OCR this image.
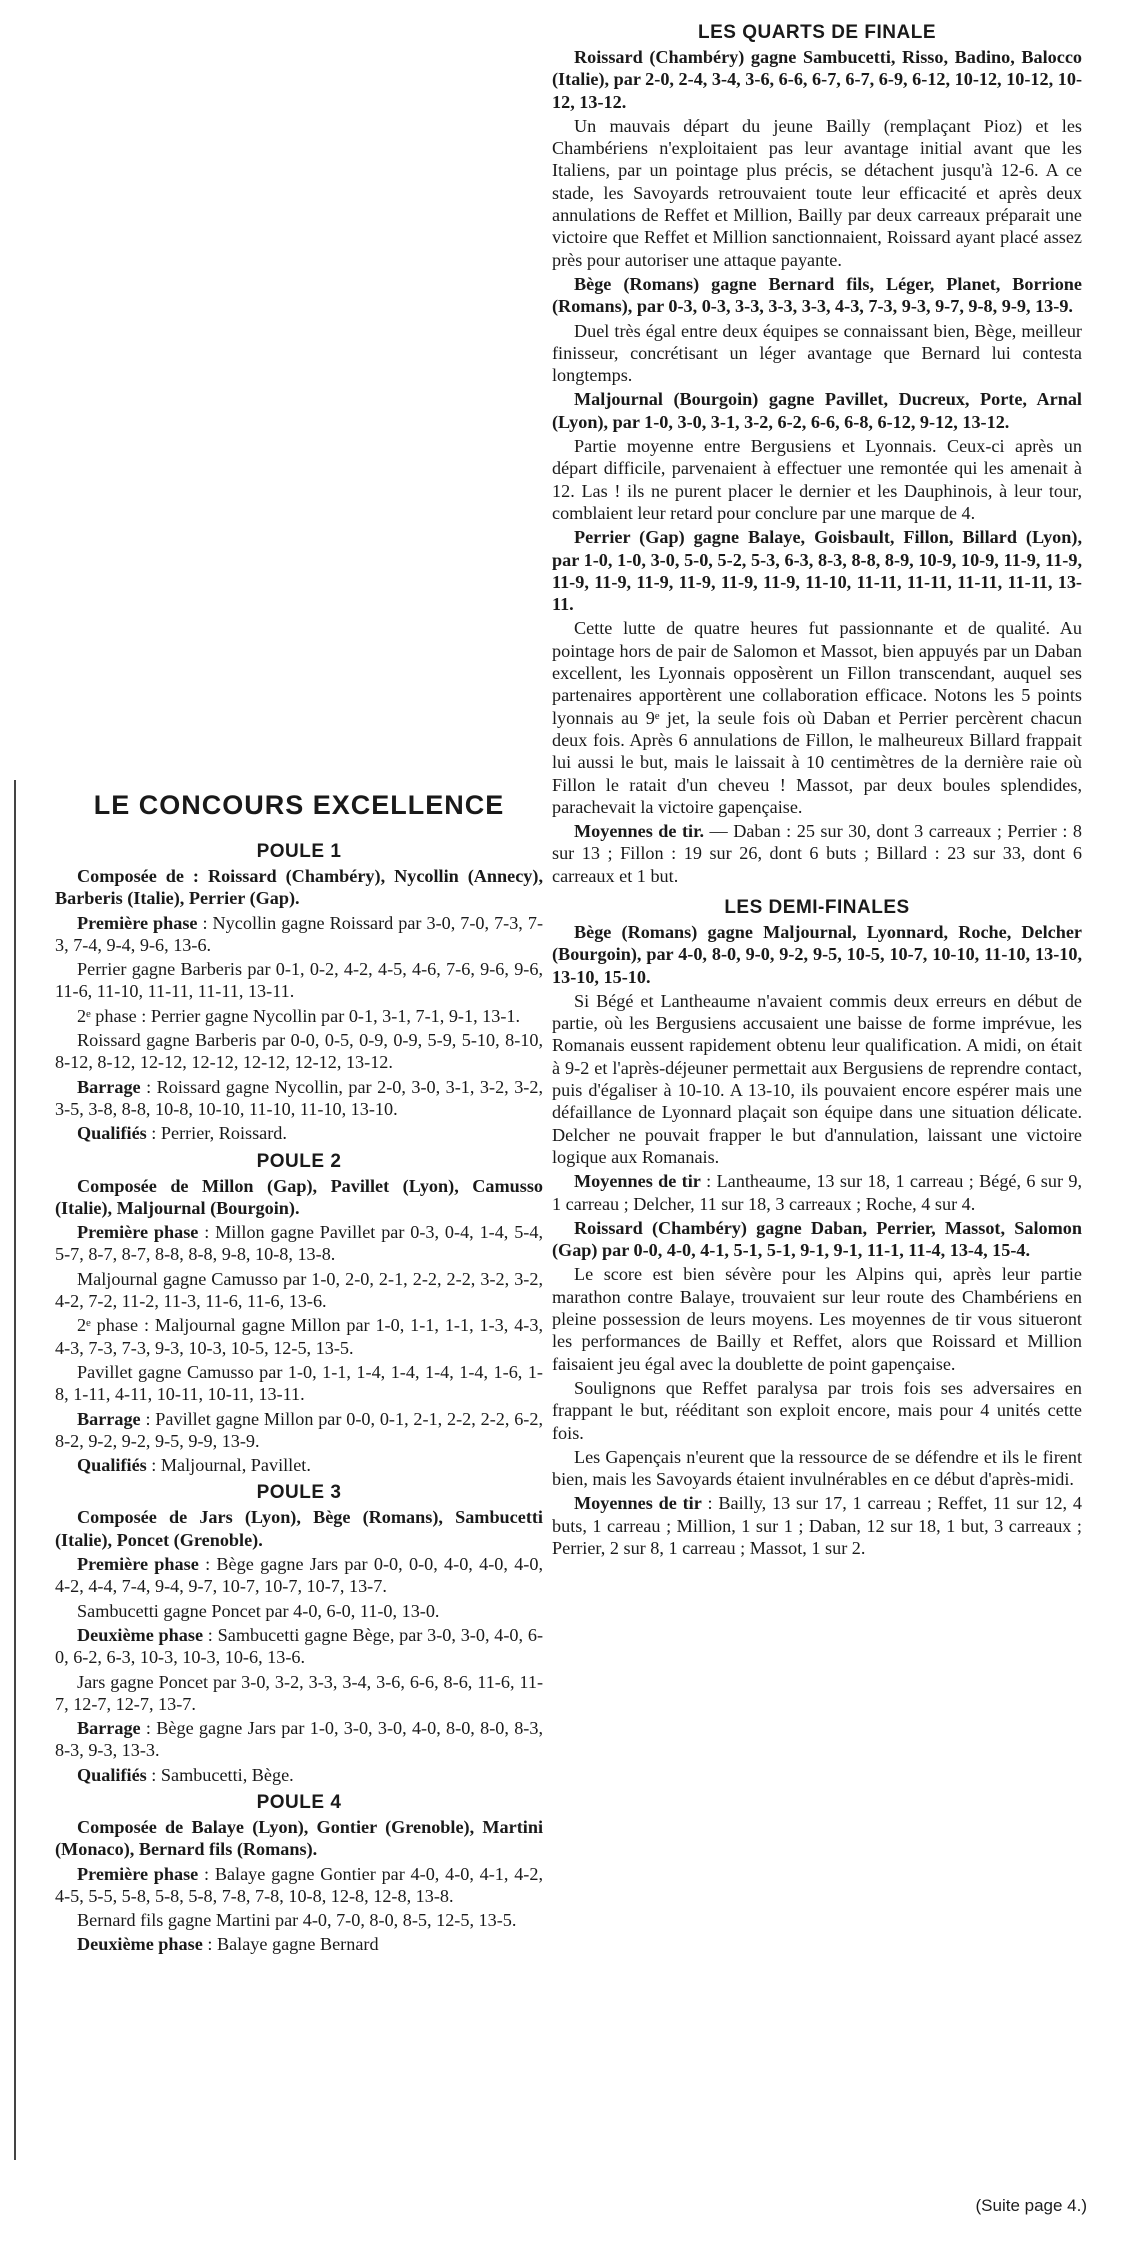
LES QUARTS DE FINALE

Roissard (Chambéry) gagne Sambucetti, Risso, Badino, Balocco (Italie), par 2-0, 2-4, 3-4, 3-6, 6-6, 6-7, 6-7, 6-9, 6-12, 10-12, 10-12, 10-12, 13-12.

Un mauvais départ du jeune Bailly (remplaçant Pioz) et les Chambériens n'exploitaient pas leur avantage initial avant que les Italiens, par un pointage plus précis, se détachent jusqu'à 12-6. A ce stade, les Savoyards retrouvaient toute leur efficacité et après deux annulations de Reffet et Million, Bailly par deux carreaux préparait une victoire que Reffet et Million sanctionnaient, Roissard ayant placé assez près pour autoriser une attaque payante.

Bège (Romans) gagne Bernard fils, Léger, Planet, Borrione (Romans), par 0-3, 0-3, 3-3, 3-3, 3-3, 4-3, 7-3, 9-3, 9-7, 9-8, 9-9, 13-9.

Duel très égal entre deux équipes se connaissant bien, Bège, meilleur finisseur, concrétisant un léger avantage que Bernard lui contesta longtemps.

Maljournal (Bourgoin) gagne Pavillet, Ducreux, Porte, Arnal (Lyon), par 1-0, 3-0, 3-1, 3-2, 6-2, 6-6, 6-8, 6-12, 9-12, 13-12.

Partie moyenne entre Bergusiens et Lyonnais. Ceux-ci après un départ difficile, parvenaient à effectuer une remontée qui les amenait à 12. Las ! ils ne purent placer le dernier et les Dauphinois, à leur tour, comblaient leur retard pour conclure par une marque de 4.

Perrier (Gap) gagne Balaye, Goisbault, Fillon, Billard (Lyon), par 1-0, 1-0, 3-0, 5-0, 5-2, 5-3, 6-3, 8-3, 8-8, 8-9, 10-9, 10-9, 11-9, 11-9, 11-9, 11-9, 11-9, 11-9, 11-9, 11-9, 11-10, 11-11, 11-11, 11-11, 11-11, 13-11.

Cette lutte de quatre heures fut passionnante et de qualité. Au pointage hors de pair de Salomon et Massot, bien appuyés par un Daban excellent, les Lyonnais opposèrent un Fillon transcendant, auquel ses partenaires apportèrent une collaboration efficace. Notons les 5 points lyonnais au 9ᵉ jet, la seule fois où Daban et Perrier percèrent chacun deux fois. Après 6 annulations de Fillon, le malheureux Billard frappait lui aussi le but, mais le laissait à 10 centimètres de la dernière raie où Fillon le ratait d'un cheveu ! Massot, par deux boules splendides, parachevait la victoire gapençaise.

Moyennes de tir. — Daban : 25 sur 30, dont 3 carreaux ; Perrier : 8 sur 13 ; Fillon : 19 sur 26, dont 6 buts ; Billard : 23 sur 33, dont 6 carreaux et 1 but.

LES DEMI-FINALES

Bège (Romans) gagne Maljournal, Lyonnard, Roche, Delcher (Bourgoin), par 4-0, 8-0, 9-0, 9-2, 9-5, 10-5, 10-7, 10-10, 11-10, 13-10, 13-10, 15-10.

Si Bégé et Lantheaume n'avaient commis deux erreurs en début de partie, où les Bergusiens accusaient une baisse de forme imprévue, les Romanais eussent rapidement obtenu leur qualification. A midi, on était à 9-2 et l'après-déjeuner permettait aux Bergusiens de reprendre contact, puis d'égaliser à 10-10. A 13-10, ils pouvaient encore espérer mais une défaillance de Lyonnard plaçait son équipe dans une situation délicate. Delcher ne pouvait frapper le but d'annulation, laissant une victoire logique aux Romanais.

Moyennes de tir : Lantheaume, 13 sur 18, 1 carreau ; Bégé, 6 sur 9, 1 carreau ; Delcher, 11 sur 18, 3 carreaux ; Roche, 4 sur 4.

Roissard (Chambéry) gagne Daban, Perrier, Massot, Salomon (Gap) par 0-0, 4-0, 4-1, 5-1, 5-1, 9-1, 9-1, 11-1, 11-4, 13-4, 15-4.

Le score est bien sévère pour les Alpins qui, après leur partie marathon contre Balaye, trouvaient sur leur route des Chambériens en pleine possession de leurs moyens. Les moyennes de tir vous situeront les performances de Bailly et Reffet, alors que Roissard et Million faisaient jeu égal avec la doublette de point gapençaise.

Soulignons que Reffet paralysa par trois fois ses adversaires en frappant le but, rééditant son exploit encore, mais pour 4 unités cette fois.

Les Gapençais n'eurent que la ressource de se défendre et ils le firent bien, mais les Savoyards étaient invulnérables en ce début d'après-midi.

Moyennes de tir : Bailly, 13 sur 17, 1 carreau ; Reffet, 11 sur 12, 4 buts, 1 carreau ; Million, 1 sur 1 ; Daban, 12 sur 18, 1 but, 3 carreaux ; Perrier, 2 sur 8, 1 carreau ; Massot, 1 sur 2.

LE CONCOURS EXCELLENCE
POULE 1

Composée de : Roissard (Chambéry), Nycollin (Annecy), Barberis (Italie), Perrier (Gap).

Première phase : Nycollin gagne Roissard par 3-0, 7-0, 7-3, 7-3, 7-4, 9-4, 9-6, 13-6.

Perrier gagne Barberis par 0-1, 0-2, 4-2, 4-5, 4-6, 7-6, 9-6, 9-6, 11-6, 11-10, 11-11, 11-11, 13-11.

2ᵉ phase : Perrier gagne Nycollin par 0-1, 3-1, 7-1, 9-1, 13-1.

Roissard gagne Barberis par 0-0, 0-5, 0-9, 0-9, 5-9, 5-10, 8-10, 8-12, 8-12, 12-12, 12-12, 12-12, 12-12, 13-12.

Barrage : Roissard gagne Nycollin, par 2-0, 3-0, 3-1, 3-2, 3-2, 3-5, 3-8, 8-8, 10-8, 10-10, 11-10, 11-10, 13-10.

Qualifiés : Perrier, Roissard.

POULE 2

Composée de Millon (Gap), Pavillet (Lyon), Camusso (Italie), Maljournal (Bourgoin).

Première phase : Millon gagne Pavillet par 0-3, 0-4, 1-4, 5-4, 5-7, 8-7, 8-7, 8-8, 8-8, 9-8, 10-8, 13-8.

Maljournal gagne Camusso par 1-0, 2-0, 2-1, 2-2, 2-2, 3-2, 3-2, 4-2, 7-2, 11-2, 11-3, 11-6, 11-6, 13-6.

2ᵉ phase : Maljournal gagne Millon par 1-0, 1-1, 1-1, 1-3, 4-3, 4-3, 7-3, 7-3, 9-3, 10-3, 10-5, 12-5, 13-5.

Pavillet gagne Camusso par 1-0, 1-1, 1-4, 1-4, 1-4, 1-4, 1-6, 1-8, 1-11, 4-11, 10-11, 10-11, 13-11.

Barrage : Pavillet gagne Millon par 0-0, 0-1, 2-1, 2-2, 2-2, 6-2, 8-2, 9-2, 9-2, 9-5, 9-9, 13-9.

Qualifiés : Maljournal, Pavillet.

POULE 3

Composée de Jars (Lyon), Bège (Romans), Sambucetti (Italie), Poncet (Grenoble).

Première phase : Bège gagne Jars par 0-0, 0-0, 4-0, 4-0, 4-0, 4-2, 4-4, 7-4, 9-4, 9-7, 10-7, 10-7, 10-7, 13-7.

Sambucetti gagne Poncet par 4-0, 6-0, 11-0, 13-0.

Deuxième phase : Sambucetti gagne Bège, par 3-0, 3-0, 4-0, 6-0, 6-2, 6-3, 10-3, 10-3, 10-6, 13-6.

Jars gagne Poncet par 3-0, 3-2, 3-3, 3-4, 3-6, 6-6, 8-6, 11-6, 11-7, 12-7, 12-7, 13-7.

Barrage : Bège gagne Jars par 1-0, 3-0, 3-0, 4-0, 8-0, 8-0, 8-3, 8-3, 9-3, 13-3.

Qualifiés : Sambucetti, Bège.

POULE 4

Composée de Balaye (Lyon), Gontier (Grenoble), Martini (Monaco), Bernard fils (Romans).

Première phase : Balaye gagne Gontier par 4-0, 4-0, 4-1, 4-2, 4-5, 5-5, 5-8, 5-8, 5-8, 7-8, 7-8, 10-8, 12-8, 12-8, 13-8.

Bernard fils gagne Martini par 4-0, 7-0, 8-0, 8-5, 12-5, 13-5.

Deuxième phase : Balaye gagne Bernard

(Suite page 4.)
